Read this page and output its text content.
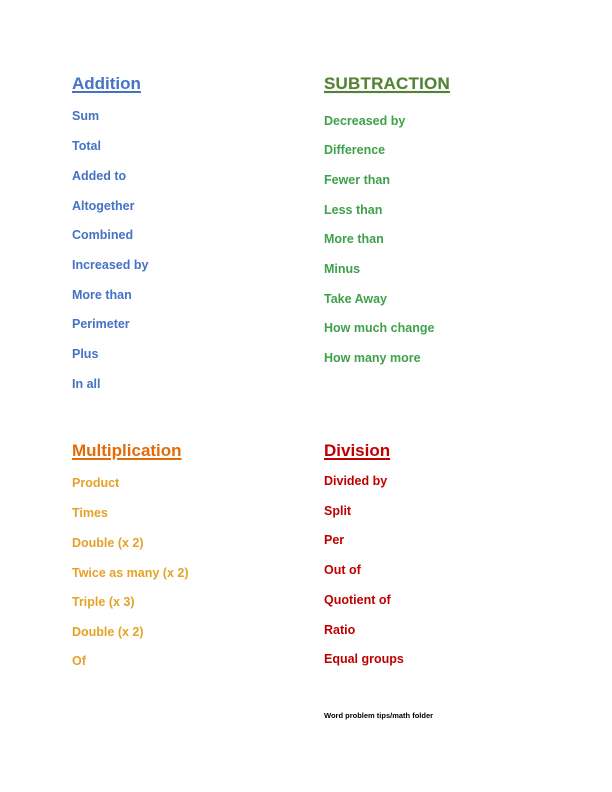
Addition
Sum
Total
Added to
Altogether
Combined
Increased by
More than
Perimeter
Plus
In all
SUBTRACTION
Decreased by
Difference
Fewer than
Less than
More than
Minus
Take Away
How much change
How many more
Multiplication
Product
Times
Double (x 2)
Twice as many (x 2)
Triple (x 3)
Double (x 2)
Of
Division
Divided by
Split
Per
Out of
Quotient of
Ratio
Equal groups
Word problem tips/math folder
